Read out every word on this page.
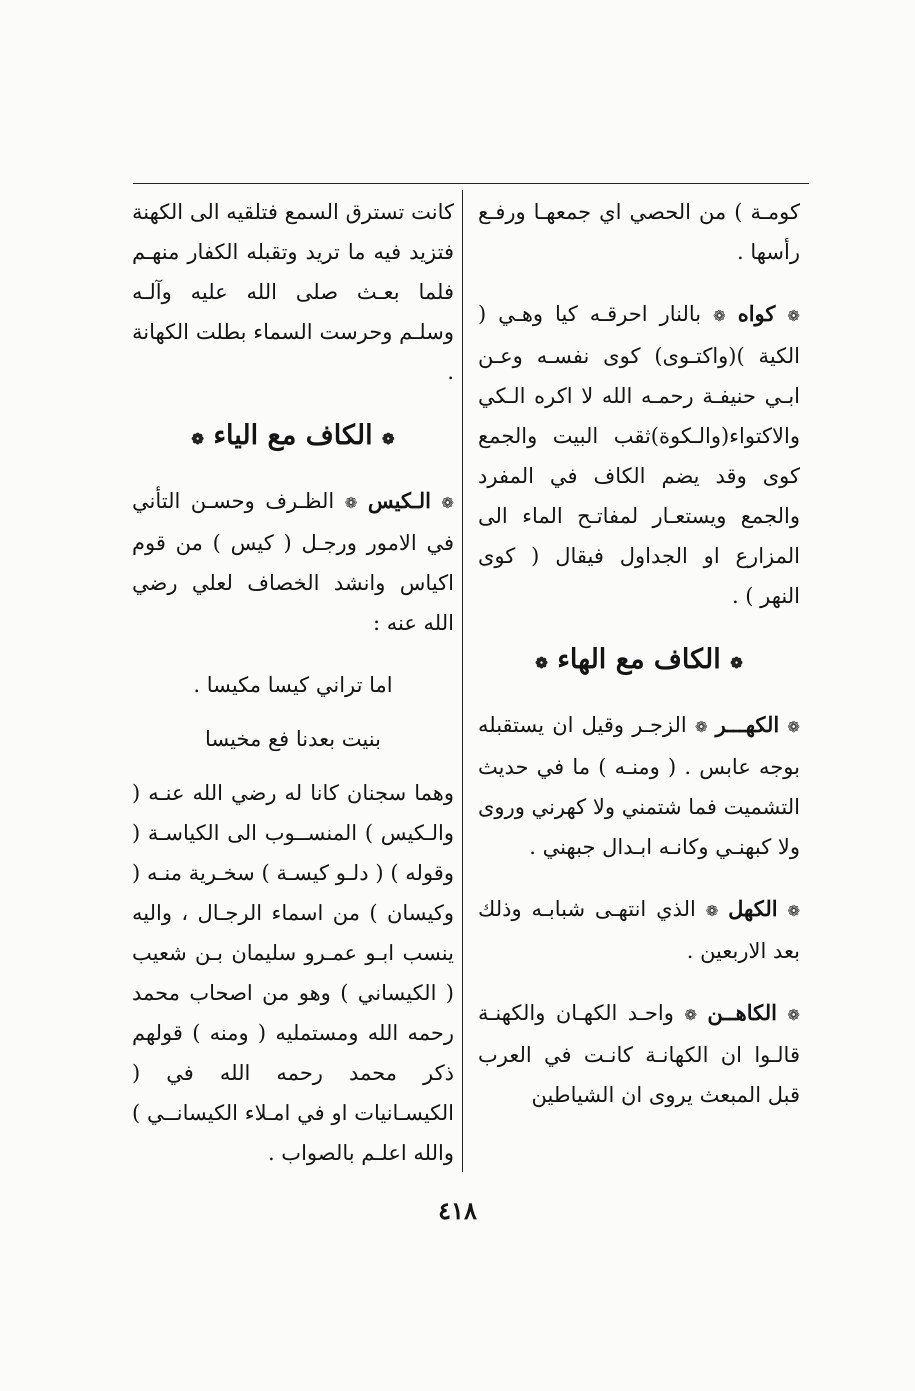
كومـة ) من الحصي اي جمعهـا ورفـع رأسها .

❁ كواه ❁ بالنار احرقـه كيا وهـي ( الكية )(واكتـوى) كوى نفسـه وعـن ابـي حنيفـة رحمـه الله لا اكره الـكي والاكتواء(والـكوة)ثقب البيت والجمع كوى وقد يضم الكاف في المفرد والجمع ويستعـار لمفاتـح الماء الى المزارع او الجداول فيقال ( كوى النهر ) .

❁ الكاف مع الهاء ❁

❁ الكهـــر ❁ الزجـر وقيل ان يستقبله بوجه عابس . ( ومنـه ) ما في حديث التشميت فما شتمني ولا كهرني وروى ولا كبهنـي وكانـه ابـدال جبهني .

❁ الكهل ❁ الذي انتهـى شبابـه وذلك بعد الاربعين .

❁ الكاهــن ❁ واحـد الكهـان والكهنـة قالـوا ان الكهانـة كانـت في العرب قبل المبعث يروى ان الشياطين

كانت تسترق السمع فتلقيه الى الكهنة فتزيد فيه ما تريد وتقبله الكفار منهـم فلما بعـث صلى الله عليه وآلـه وسلـم وحرست السماء بطلت الكهانة .

❁ الكاف مع الياء ❁

❁ الـكيس ❁ الظـرف وحسـن التأني في الامور ورجـل ( كيس ) من قوم اكياس وانشد الخصاف لعلي رضي الله عنه :

اما تراني كيسا مكيسا .
بنيت بعدنا فع مخيسا

وهما سجنان كانا له رضي الله عنـه ( والـكيس ) المنســوب الى الكياسـة ( وقوله ) ( دلـو كيسـة ) سخـرية منـه ( وكيسان ) من اسماء الرجـال ، واليه ينسب ابـو عمـرو سليمان بـن شعيب ( الكيساني ) وهو من اصحاب محمد رحمه الله ومستمليه ( ومنه ) قولهم ذكر محمد رحمه الله في ( الكيسـانيات او في امـلاء الكيسانــي ) والله اعلـم بالصواب .

٤١٨
